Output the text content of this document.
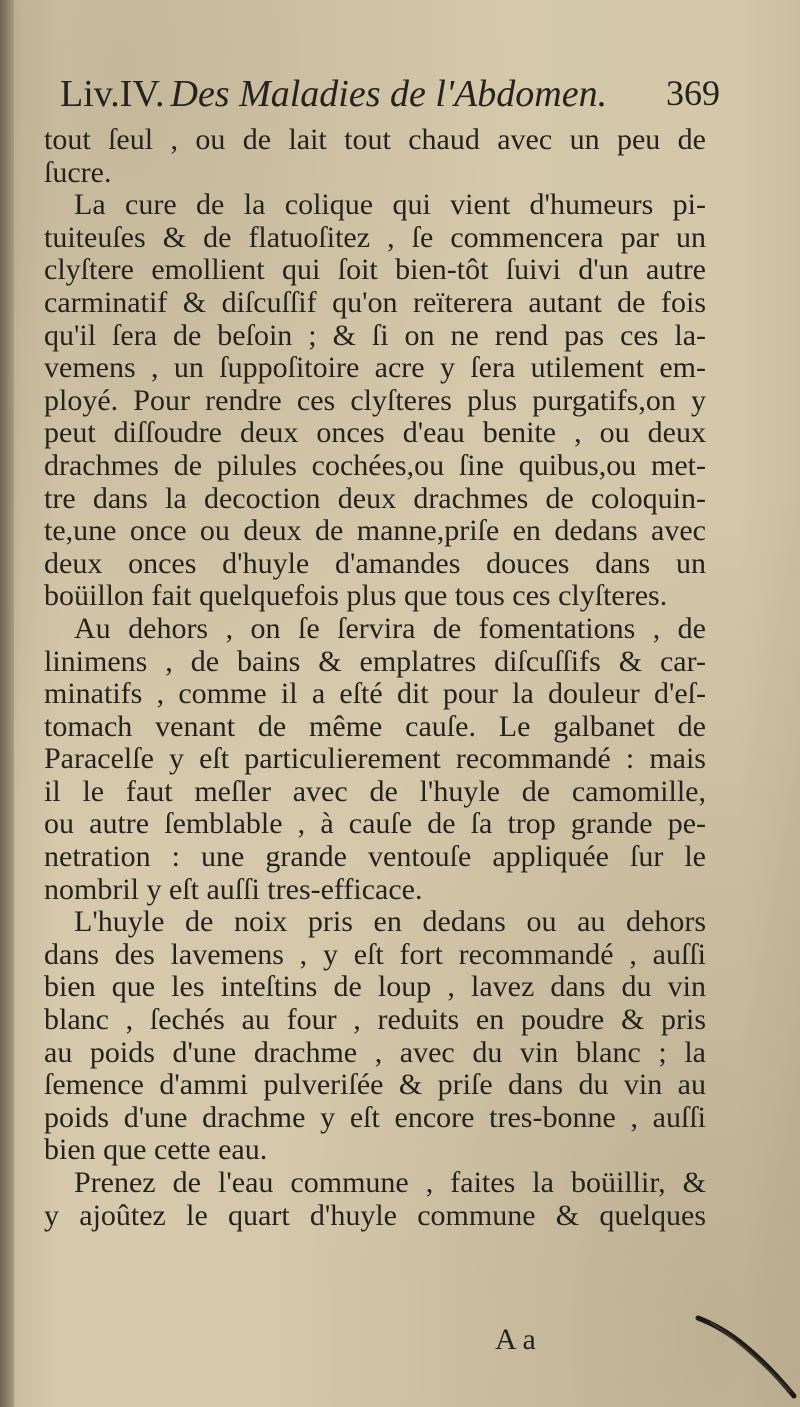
Liv.IV. Des Maladies de l'Abdomen. 369
tout ſeul , ou de lait tout chaud avec un peu de
ſucre.
La cure de la colique qui vient d'humeurs pi-
tuiteuſes & de flatuoſitez , ſe commencera par un
clyſtere emollient qui ſoit bien-tôt ſuivi d'un autre
carminatif & diſcuſſif qu'on reïterera autant de fois
qu'il ſera de beſoin ; & ſi on ne rend pas ces la-
vemens , un ſuppoſitoire acre y ſera utilement em-
ployé. Pour rendre ces clyſteres plus purgatifs,on y
peut diſſoudre deux onces d'eau benite , ou deux
drachmes de pilules cochées,ou ſine quibus,ou met-
tre dans la decoction deux drachmes de coloquin-
te,une once ou deux de manne,priſe en dedans avec
deux onces d'huyle d'amandes douces dans un
boüillon fait quelquefois plus que tous ces clyſteres.
Au dehors , on ſe ſervira de fomentations , de
linimens , de bains & emplatres diſcuſſifs & car-
minatifs , comme il a eſté dit pour la douleur d'eſ-
tomach venant de même cauſe. Le galbanet de
Paracelſe y eſt particulierement recommandé : mais
il le faut meſler avec de l'huyle de camomille,
ou autre ſemblable , à cauſe de ſa trop grande pe-
netration : une grande ventouſe appliquée ſur le
nombril y eſt auſſi tres-efficace.
L'huyle de noix pris en dedans ou au dehors
dans des lavemens , y eſt fort recommandé , auſſi
bien que les inteſtins de loup , lavez dans du vin
blanc , ſechés au four , reduits en poudre & pris
au poids d'une drachme , avec du vin blanc ; la
ſemence d'ammi pulveriſée & priſe dans du vin au
poids d'une drachme y eſt encore tres-bonne , auſſi
bien que cette eau.
Prenez de l'eau commune , faites la boüillir, &
y ajoûtez le quart d'huyle commune & quelques
A a
